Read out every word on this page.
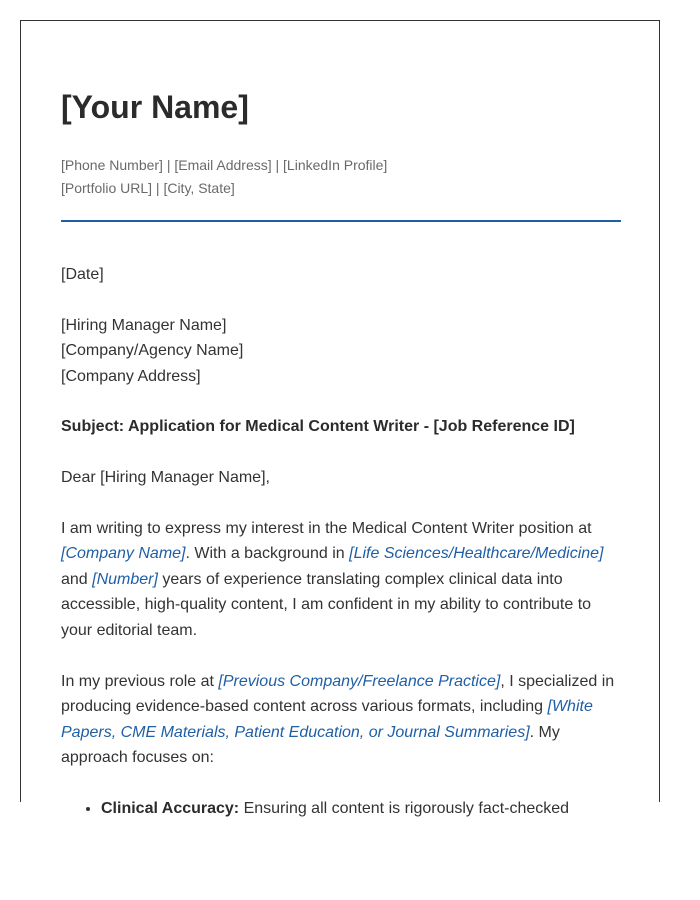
[Your Name]
[Phone Number] | [Email Address] | [LinkedIn Profile]
[Portfolio URL] | [City, State]

[Date]

[Hiring Manager Name]
[Company/Agency Name]
[Company Address]

Subject: Application for Medical Content Writer - [Job Reference ID]

Dear [Hiring Manager Name],

I am writing to express my interest in the Medical Content Writer position at [Company Name]. With a background in [Life Sciences/Healthcare/Medicine] and [Number] years of experience translating complex clinical data into accessible, high-quality content, I am confident in my ability to contribute to your editorial team.

In my previous role at [Previous Company/Freelance Practice], I specialized in producing evidence-based content across various formats, including [White Papers, CME Materials, Patient Education, or Journal Summaries]. My approach focuses on:

• Clinical Accuracy: Ensuring all content is rigorously fact-checked
